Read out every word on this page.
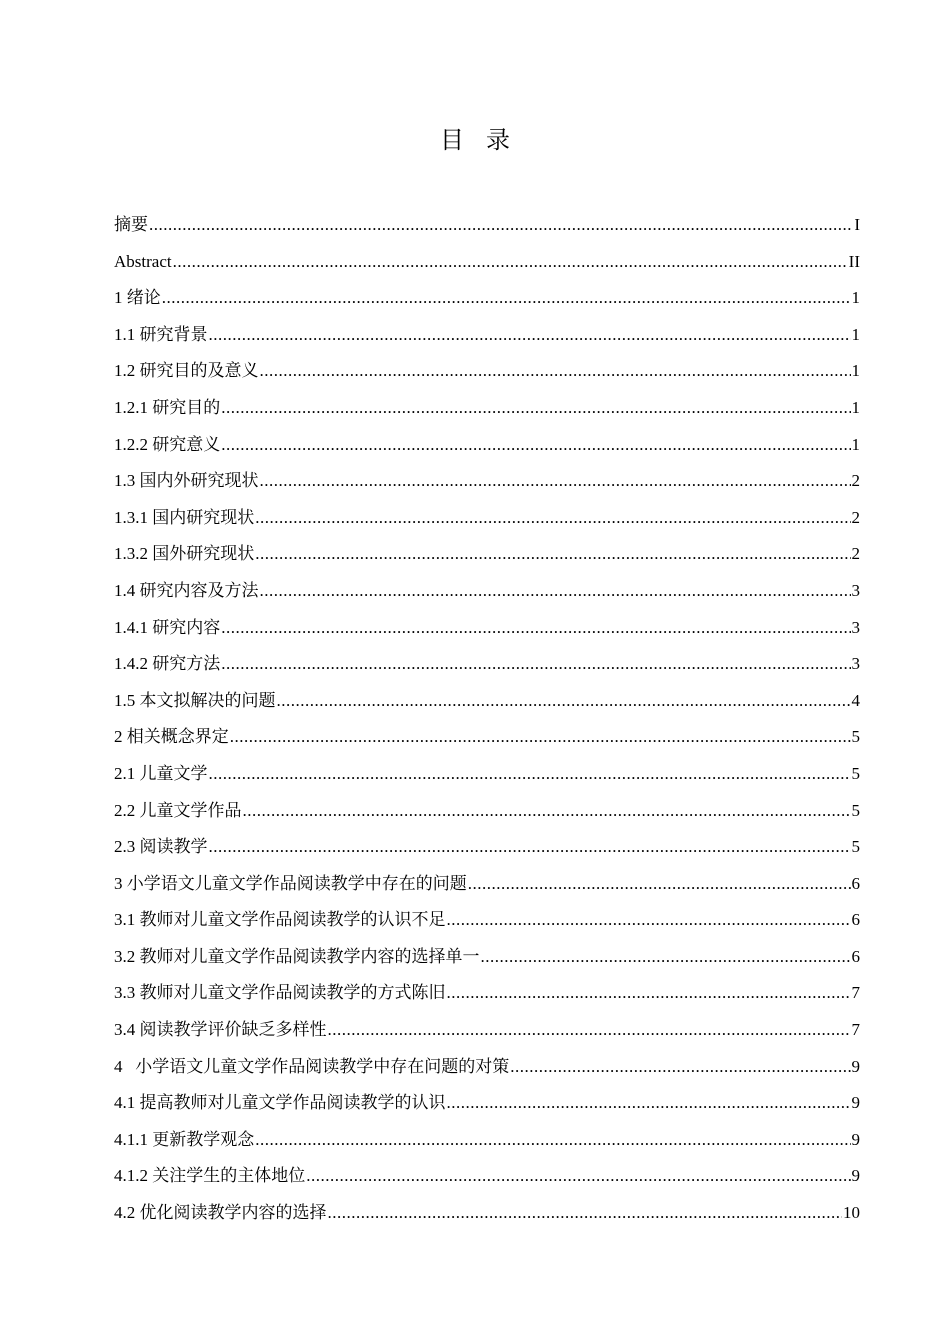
目录
摘要 .....	I
Abstract .....	II
1 绪论 .....	1
1.1 研究背景 .....	1
1.2 研究目的及意义 .....	1
1.2.1 研究目的 .....	1
1.2.2 研究意义 .....	1
1.3 国内外研究现状 .....	2
1.3.1 国内研究现状 .....	2
1.3.2 国外研究现状 .....	2
1.4 研究内容及方法 .....	3
1.4.1 研究内容 .....	3
1.4.2 研究方法 .....	3
1.5 本文拟解决的问题 .....	4
2 相关概念界定 .....	5
2.1 儿童文学 .....	5
2.2 儿童文学作品 .....	5
2.3 阅读教学 .....	5
3 小学语文儿童文学作品阅读教学中存在的问题 .....	6
3.1 教师对儿童文学作品阅读教学的认识不足 .....	6
3.2 教师对儿童文学作品阅读教学内容的选择单一 .....	6
3.3 教师对儿童文学作品阅读教学的方式陈旧 .....	7
3.4 阅读教学评价缺乏多样性 .....	7
4   小学语文儿童文学作品阅读教学中存在问题的对策 .....	9
4.1 提高教师对儿童文学作品阅读教学的认识 .....	9
4.1.1 更新教学观念 .....	9
4.1.2 关注学生的主体地位 .....	9
4.2 优化阅读教学内容的选择 .....	10
